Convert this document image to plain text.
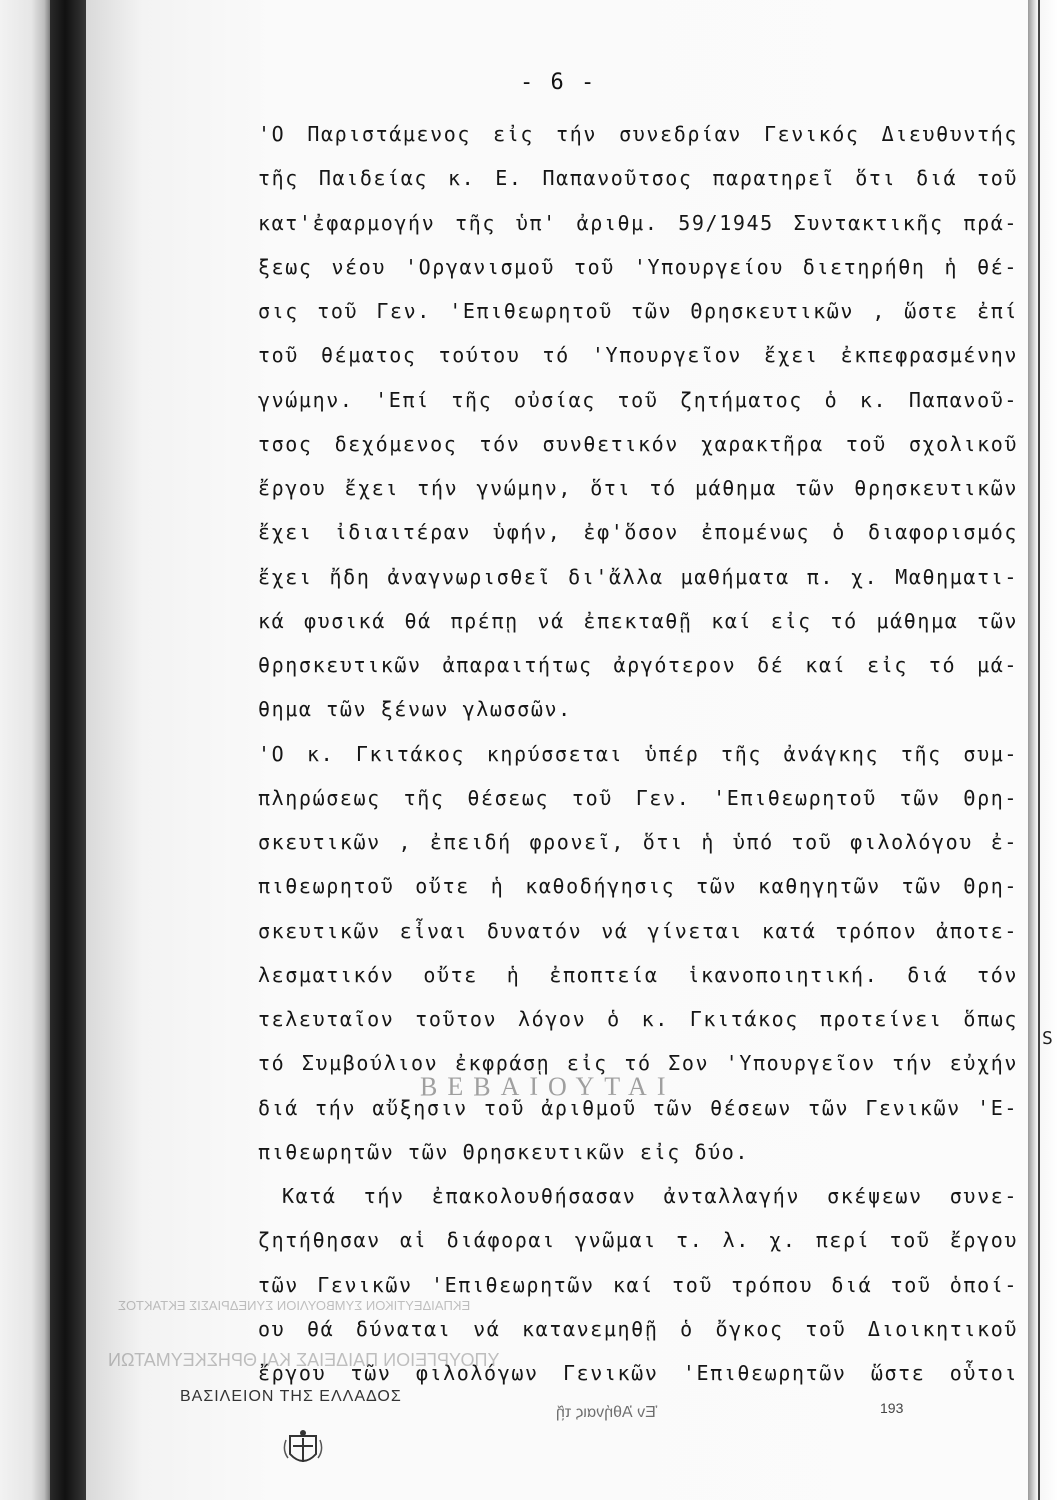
S
- 6 -
'Ο Παριστάμενος εἰς τήν συνεδρίαν Γενικός Διευθυντής
τῆς Παιδείας κ. Ε. Παπανοῦτσος παρατηρεῖ ὅτι διά τοῦ
κατ'ἐφαρμογήν τῆς ὑπ' ἀριθμ. 59/1945 Συντακτικῆς πρά-
ξεως νέου 'Οργανισμοῦ τοῦ 'Υπουργείου διετηρήθη ἡ θέ-
σις τοῦ Γεν. 'Επιθεωρητοῦ τῶν Θρησκευτικῶν , ὥστε ἐπί
τοῦ θέματος τούτου τό 'Υπουργεῖον ἔχει ἐκπεφρασμένην
γνώμην. 'Επί τῆς οὐσίας τοῦ ζητήματος ὁ κ. Παπανοῦ-
τσος δεχόμενος τόν συνθετικόν χαρακτῆρα τοῦ σχολικοῦ
ἔργου ἔχει τήν γνώμην, ὅτι τό μάθημα τῶν θρησκευτικῶν
ἔχει ἰδιαιτέραν ὑφήν, ἐφ'ὅσον ἐπομένως ὁ διαφορισμός
ἔχει ἤδη ἀναγνωρισθεῖ δι'ἄλλα μαθήματα π. χ. Μαθηματι-
κά φυσικά θά πρέπῃ νά ἐπεκταθῇ καί εἰς τό μάθημα τῶν
θρησκευτικῶν ἀπαραιτήτως ἀργότερον δέ καί εἰς τό μά-
θημα τῶν ξένων γλωσσῶν.
'Ο κ. Γκιτάκος κηρύσσεται ὑπέρ τῆς ἀνάγκης τῆς συμ-
πληρώσεως τῆς θέσεως τοῦ Γεν. 'Επιθεωρητοῦ τῶν Θρη-
σκευτικῶν , ἐπειδή φρονεῖ, ὅτι ἡ ὑπό τοῦ φιλολόγου ἐ-
πιθεωρητοῦ οὔτε ἡ καθοδήγησις τῶν καθηγητῶν τῶν Θρη-
σκευτικῶν εἶναι δυνατόν νά γίνεται κατά τρόπον ἀποτε-
λεσματικόν οὔτε ἡ ἐποπτεία ἱκανοποιητική. διά τόν
τελευταῖον τοῦτον λόγον ὁ κ. Γκιτάκος προτείνει ὅπως
τό Συμβούλιον ἐκφράσῃ εἰς τό Σον 'Υπουργεῖον τήν εὐχήν
διά τήν αὔξησιν τοῦ ἀριθμοῦ τῶν θέσεων τῶν Γενικῶν 'Ε-
πιθεωρητῶν τῶν Θρησκευτικῶν εἰς δύο.
Κατά τήν ἐπακολουθήσασαν ἀνταλλαγήν σκέψεων συνε-
ζητήθησαν αἱ διάφοραι γνῶμαι τ. λ. χ. περί τοῦ ἔργου
τῶν Γενικῶν 'Επιθεωρητῶν καί τοῦ τρόπου διά τοῦ ὁποί-
ου θά δύναται νά κατανεμηθῇ ὁ ὄγκος τοῦ Διοικητικοῦ
ἔργου τῶν φιλολόγων Γενικῶν 'Επιθεωρητῶν ὥστε οὗτοι
ΒΕΒΑΙΟΥΤΑΙ
ΕΚΠΑΙΔΕΥΤΙΚΟΝ ΣΥΜΒΟΥΛΙΟΝ ΣΥΝΕΔΡΙΑΣΙΣ ΕΚΤΑΚΤΟΣ
ΥΠΟΥΡΓΕΙΟΝ ΠΑΙΔΕΙΑΣ ΚΑΙ ΘΡΗΣΚΕΥΜΑΤΩΝ
ΒΑΣΙΛΕΙΟΝ ΤΗΣ ΕΛΛΑΔΟΣ
Ἐν Ἀθήναις τῇ	193
